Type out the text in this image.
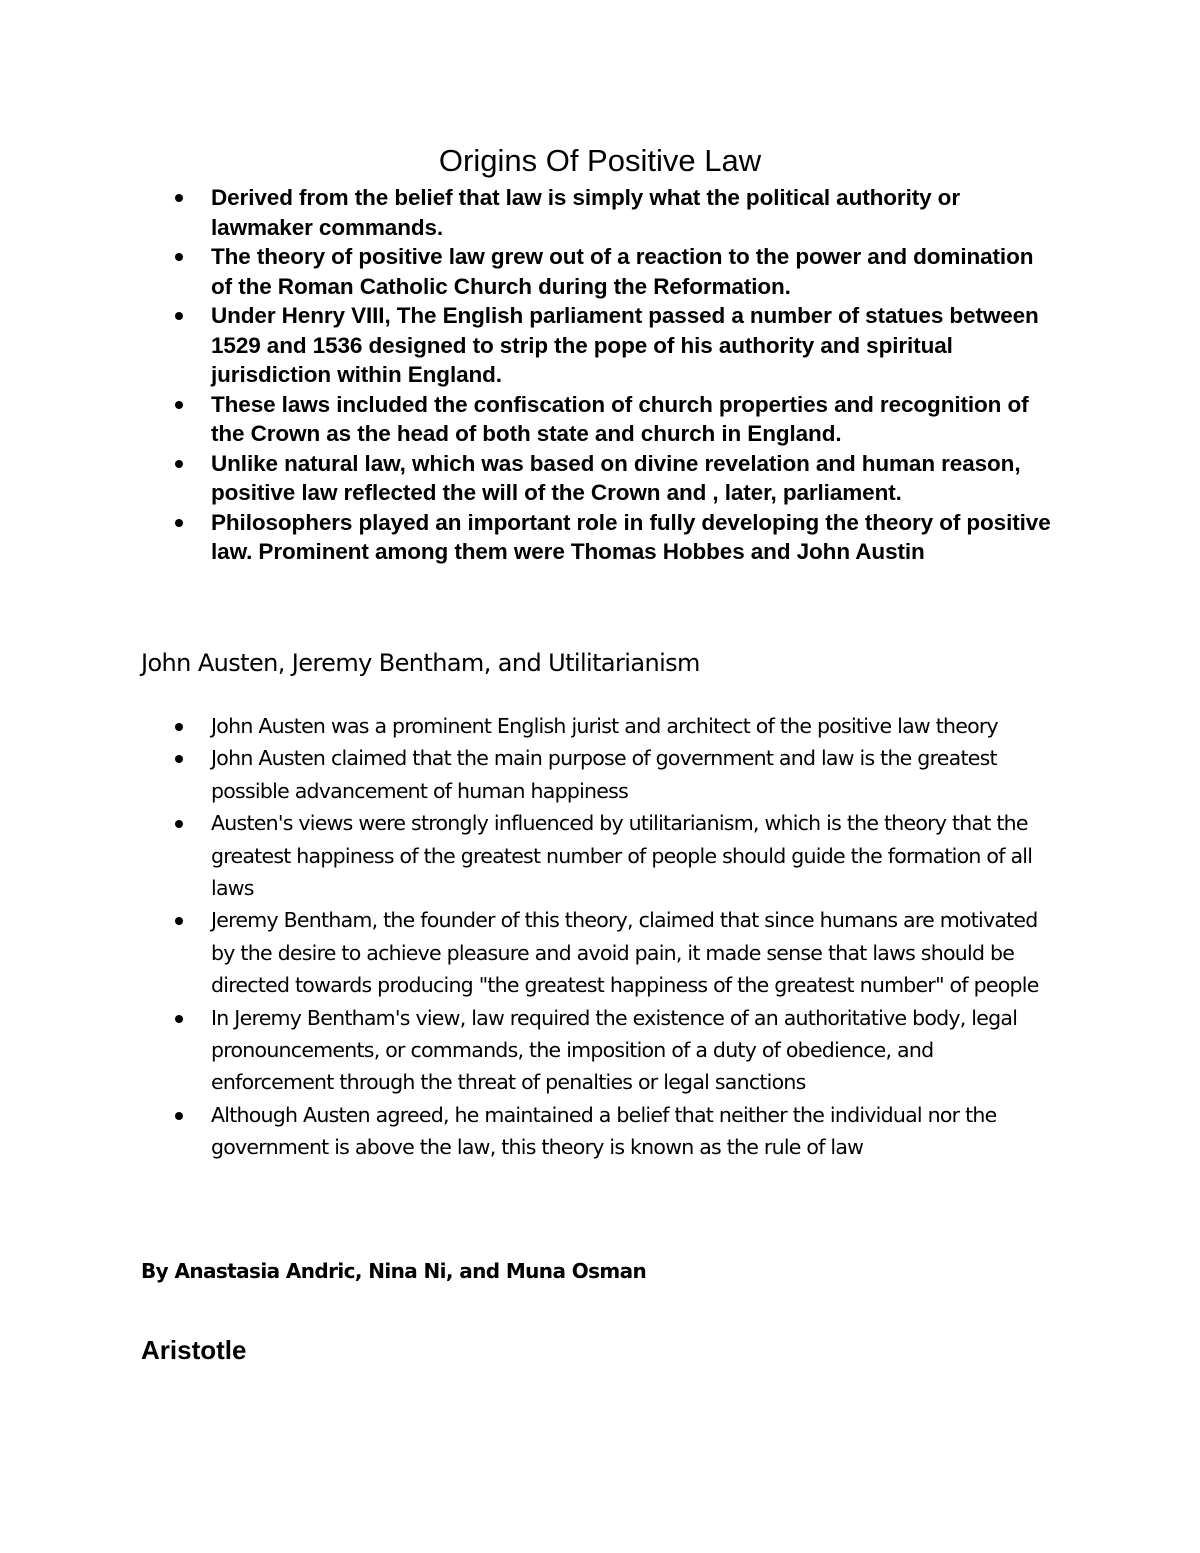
Origins Of Positive Law
Derived from the belief that law is simply what the political authority or lawmaker commands.
The theory of positive law grew out of a reaction to the power and domination of the Roman Catholic Church during the Reformation.
Under Henry VIII, The English parliament passed a number of statues between 1529 and 1536 designed to strip the pope of his authority and spiritual jurisdiction within England.
These laws included the confiscation of church properties and recognition of the Crown as the head of both state and church in England.
Unlike natural law, which was based on divine revelation and human reason, positive law reflected the will of the Crown and , later, parliament.
Philosophers played an important role in fully developing the theory of positive law. Prominent among them were Thomas Hobbes and John Austin
John Austen, Jeremy Bentham, and Utilitarianism
John Austen was a prominent English jurist and architect of the positive law theory
John Austen claimed that the main purpose of government and law is the greatest possible advancement of human happiness
Austen's views were strongly influenced by utilitarianism, which is the theory that the greatest happiness of the greatest number of people should guide the formation of all laws
Jeremy Bentham, the founder of this theory, claimed that since humans are motivated by the desire to achieve pleasure and avoid pain, it made sense that laws should be directed towards producing "the greatest happiness of the greatest number" of people
In Jeremy Bentham's view, law required the existence of an authoritative body, legal pronouncements, or commands, the imposition of a duty of obedience, and enforcement through the threat of penalties or legal sanctions
Although Austen agreed, he maintained a belief that neither the individual nor the government is above the law, this theory is known as the rule of law

By Anastasia Andric, Nina Ni, and Muna Osman

Aristotle
